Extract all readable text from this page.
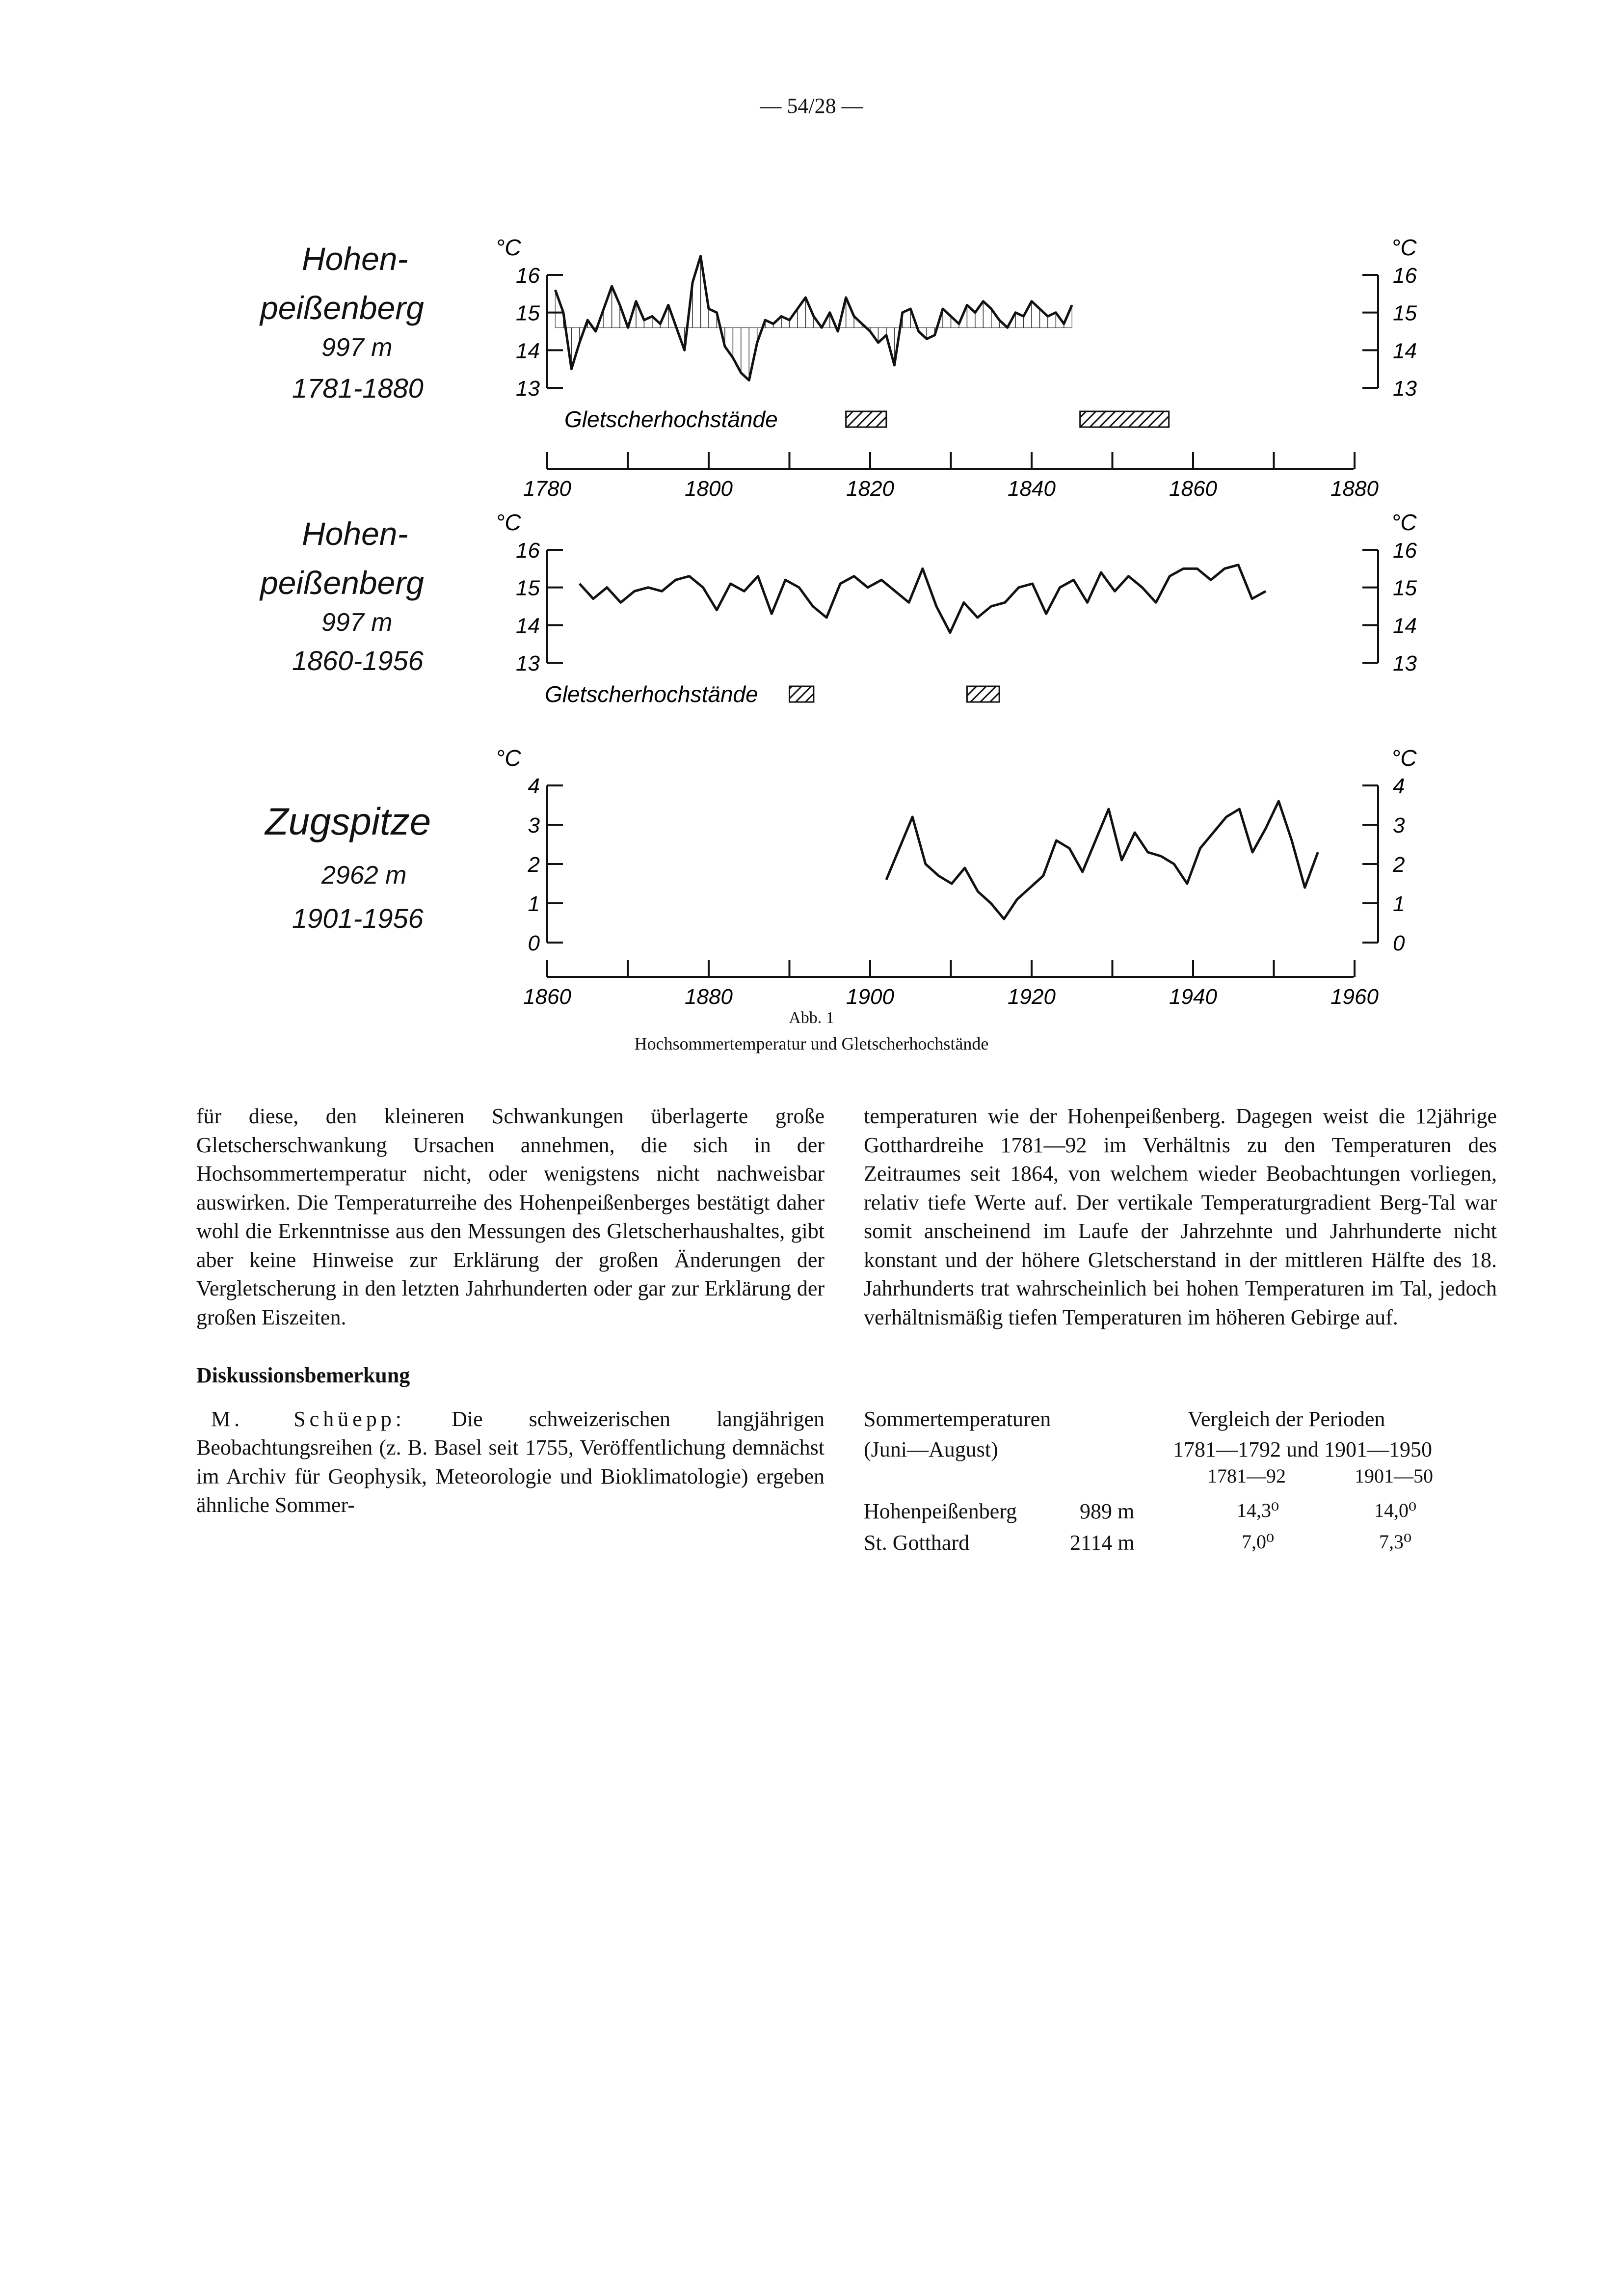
— 54/28 —
Hohen-
peißenberg
997 m
1781-1880
Hohen-
peißenberg
997 m
1860-1956
Zugspitze
2962 m
1901-1956
Gletscherhochstände
Gletscherhochstände
°C	°C
13	13
14	14
15	15
16	16
°C	°C
13	13
14	14
15	15
16	16
°C	°C
0	0
1	1
2	2
3	3
4	4
1780	1800	1820	1840	1860	1880
1860	1880	1900	1920	1940	1960
Abb. 1
Hochsommertemperatur und Gletscherhochstände

für diese, den kleineren Schwankungen überlagerte große Gletscherschwankung Ursachen annehmen, die sich in der Hochsommertemperatur nicht, oder wenigstens nicht nachweisbar auswirken. Die Temperaturreihe des Hohenpeißenberges bestätigt daher wohl die Erkenntnisse aus den Messungen des Gletscherhaushaltes, gibt aber keine Hinweise zur Erklärung der großen Änderungen der Vergletscherung in den letzten Jahrhunderten oder gar zur Erklärung der großen Eiszeiten.

Diskussionsbemerkung

M. Schüepp: Die schweizerischen langjährigen Beobachtungsreihen (z. B. Basel seit 1755, Veröffentlichung demnächst im Archiv für Geophysik, Meteorologie und Bioklimatologie) ergeben ähnliche Sommer-

temperaturen wie der Hohenpeißenberg. Dagegen weist die 12jährige Gotthardreihe 1781—92 im Verhältnis zu den Temperaturen des Zeitraumes seit 1864, von welchem wieder Beobachtungen vorliegen, relativ tiefe Werte auf. Der vertikale Temperaturgradient Berg-Tal war somit anscheinend im Laufe der Jahrzehnte und Jahrhunderte nicht konstant und der höhere Gletscherstand in der mittleren Hälfte des 18. Jahrhunderts trat wahrscheinlich bei hohen Temperaturen im Tal, jedoch verhältnismäßig tiefen Temperaturen im höheren Gebirge auf.

Sommertemperaturen
(Juni—August)
Vergleich der Perioden
1781—1792 und 1901—1950
1781—92	1901—50
Hohenpeißenberg	989 m	14,3⁰	14,0⁰
St. Gotthard	2114 m	7,0⁰	7,3⁰
